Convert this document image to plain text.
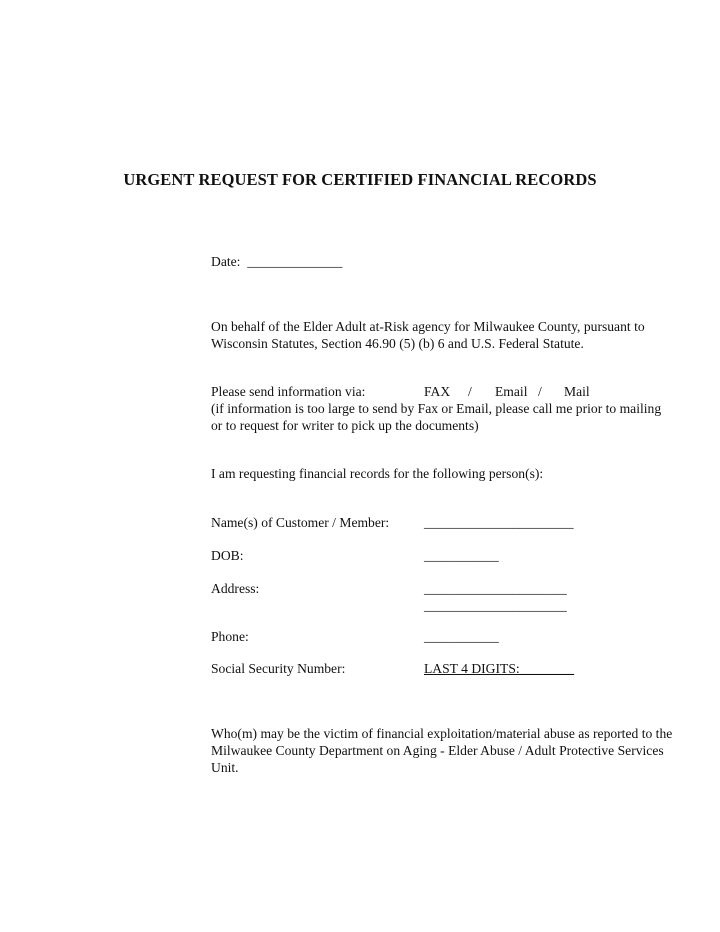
URGENT REQUEST FOR CERTIFIED FINANCIAL RECORDS
Date: ______________
On behalf of the Elder Adult at-Risk agency for Milwaukee County, pursuant to
Wisconsin Statutes, Section 46.90 (5) (b) 6 and U.S. Federal Statute.
Please send information via:	FAX / Email / Mail
(if information is too large to send by Fax or Email, please call me prior to mailing
or to request for writer to pick up the documents)
I am requesting financial records for the following person(s):
Name(s) of Customer / Member:	______________________
DOB:	___________
Address:	_____________________
_____________________
Phone:	___________
Social Security Number:	LAST 4 DIGITS:________
Who(m) may be the victim of financial exploitation/material abuse as reported to the
Milwaukee County Department on Aging - Elder Abuse / Adult Protective Services
Unit.
